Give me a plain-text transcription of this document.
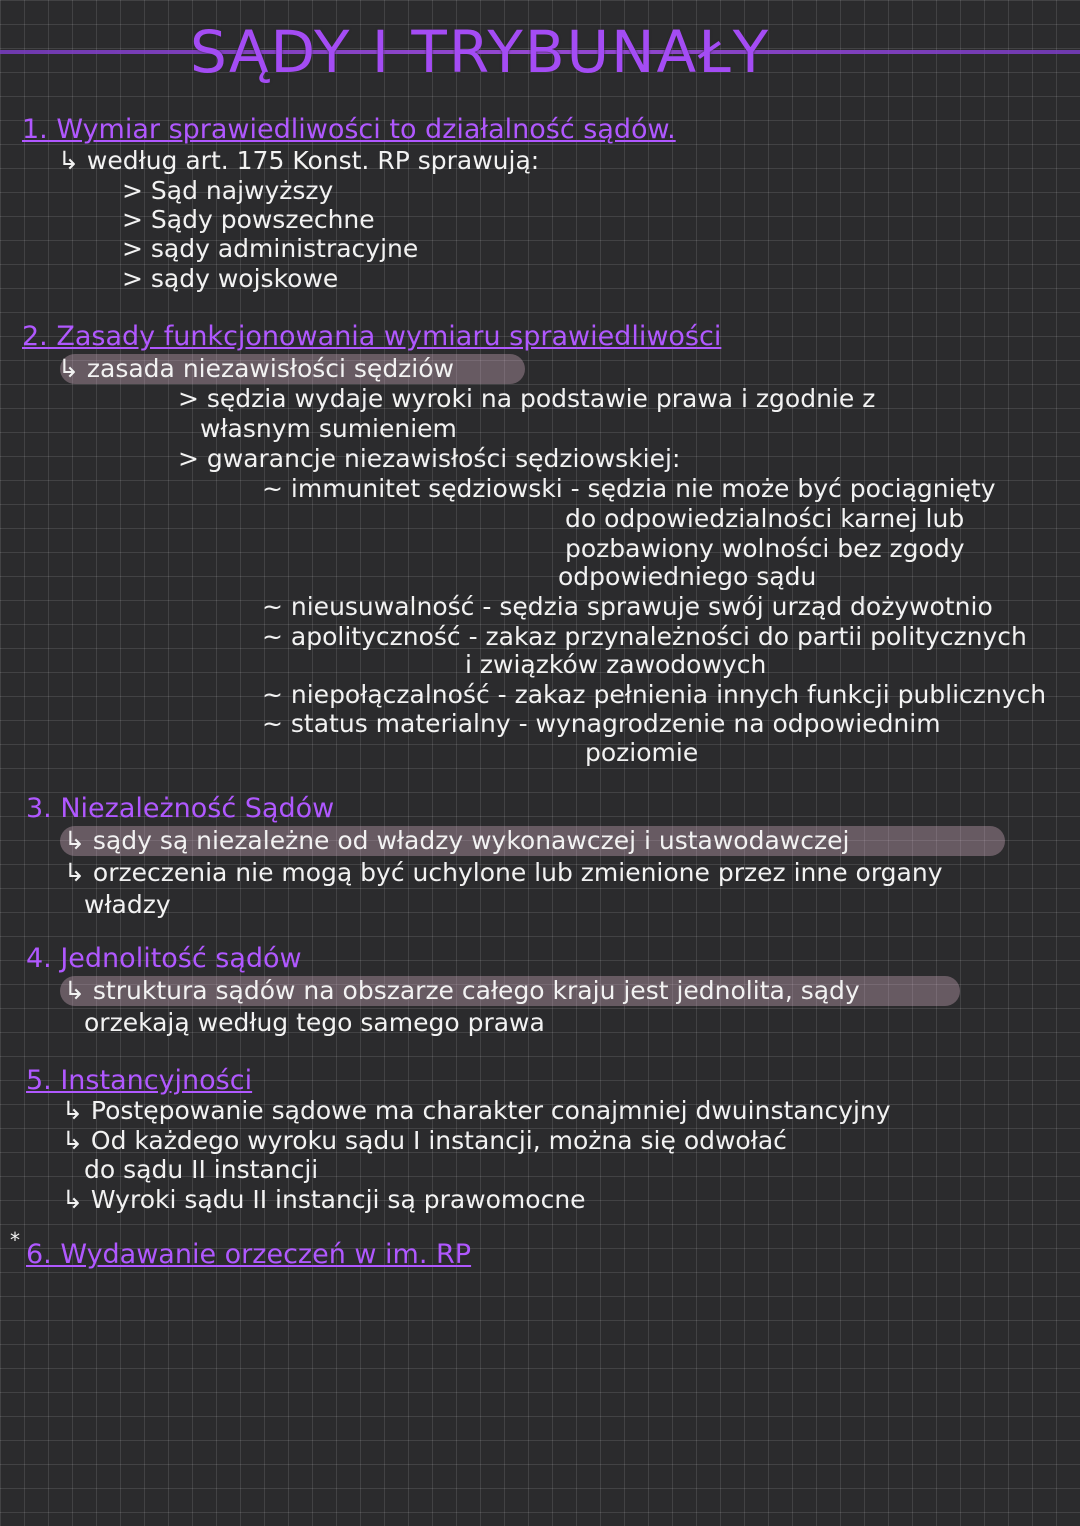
SĄDY I TRYBUNAŁY
1. Wymiar sprawiedliwości to działalność sądów.
↳ według art. 175 Konst. RP sprawują:
> Sąd najwyższy
> Sądy powszechne
> sądy administracyjne
> sądy wojskowe
2. Zasady funkcjonowania wymiaru sprawiedliwości
↳ zasada niezawisłości sędziów
> sędzia wydaje wyroki na podstawie prawa i zgodnie z
własnym sumieniem
> gwarancje niezawisłości sędziowskiej:
~ immunitet sędziowski - sędzia nie może być pociągnięty
do odpowiedzialności karnej lub
pozbawiony wolności bez zgody
odpowiedniego sądu
~ nieusuwalność - sędzia sprawuje swój urząd dożywotnio
~ apolityczność - zakaz przynależności do partii politycznych
i związków zawodowych
~ niepołączalność - zakaz pełnienia innych funkcji publicznych
~ status materialny - wynagrodzenie na odpowiednim
poziomie
3. Niezależność Sądów
↳ sądy są niezależne od władzy wykonawczej i ustawodawczej
↳ orzeczenia nie mogą być uchylone lub zmienione przez inne organy
władzy
4. Jednolitość sądów
↳ struktura sądów na obszarze całego kraju jest jednolita, sądy
orzekają według tego samego prawa
5. Instancyjności
↳ Postępowanie sądowe ma charakter conajmniej dwuinstancyjny
↳ Od każdego wyroku sądu I instancji, można się odwołać
do sądu II instancji
↳ Wyroki sądu II instancji są prawomocne
* 6. Wydawanie orzeczeń w im. RP
